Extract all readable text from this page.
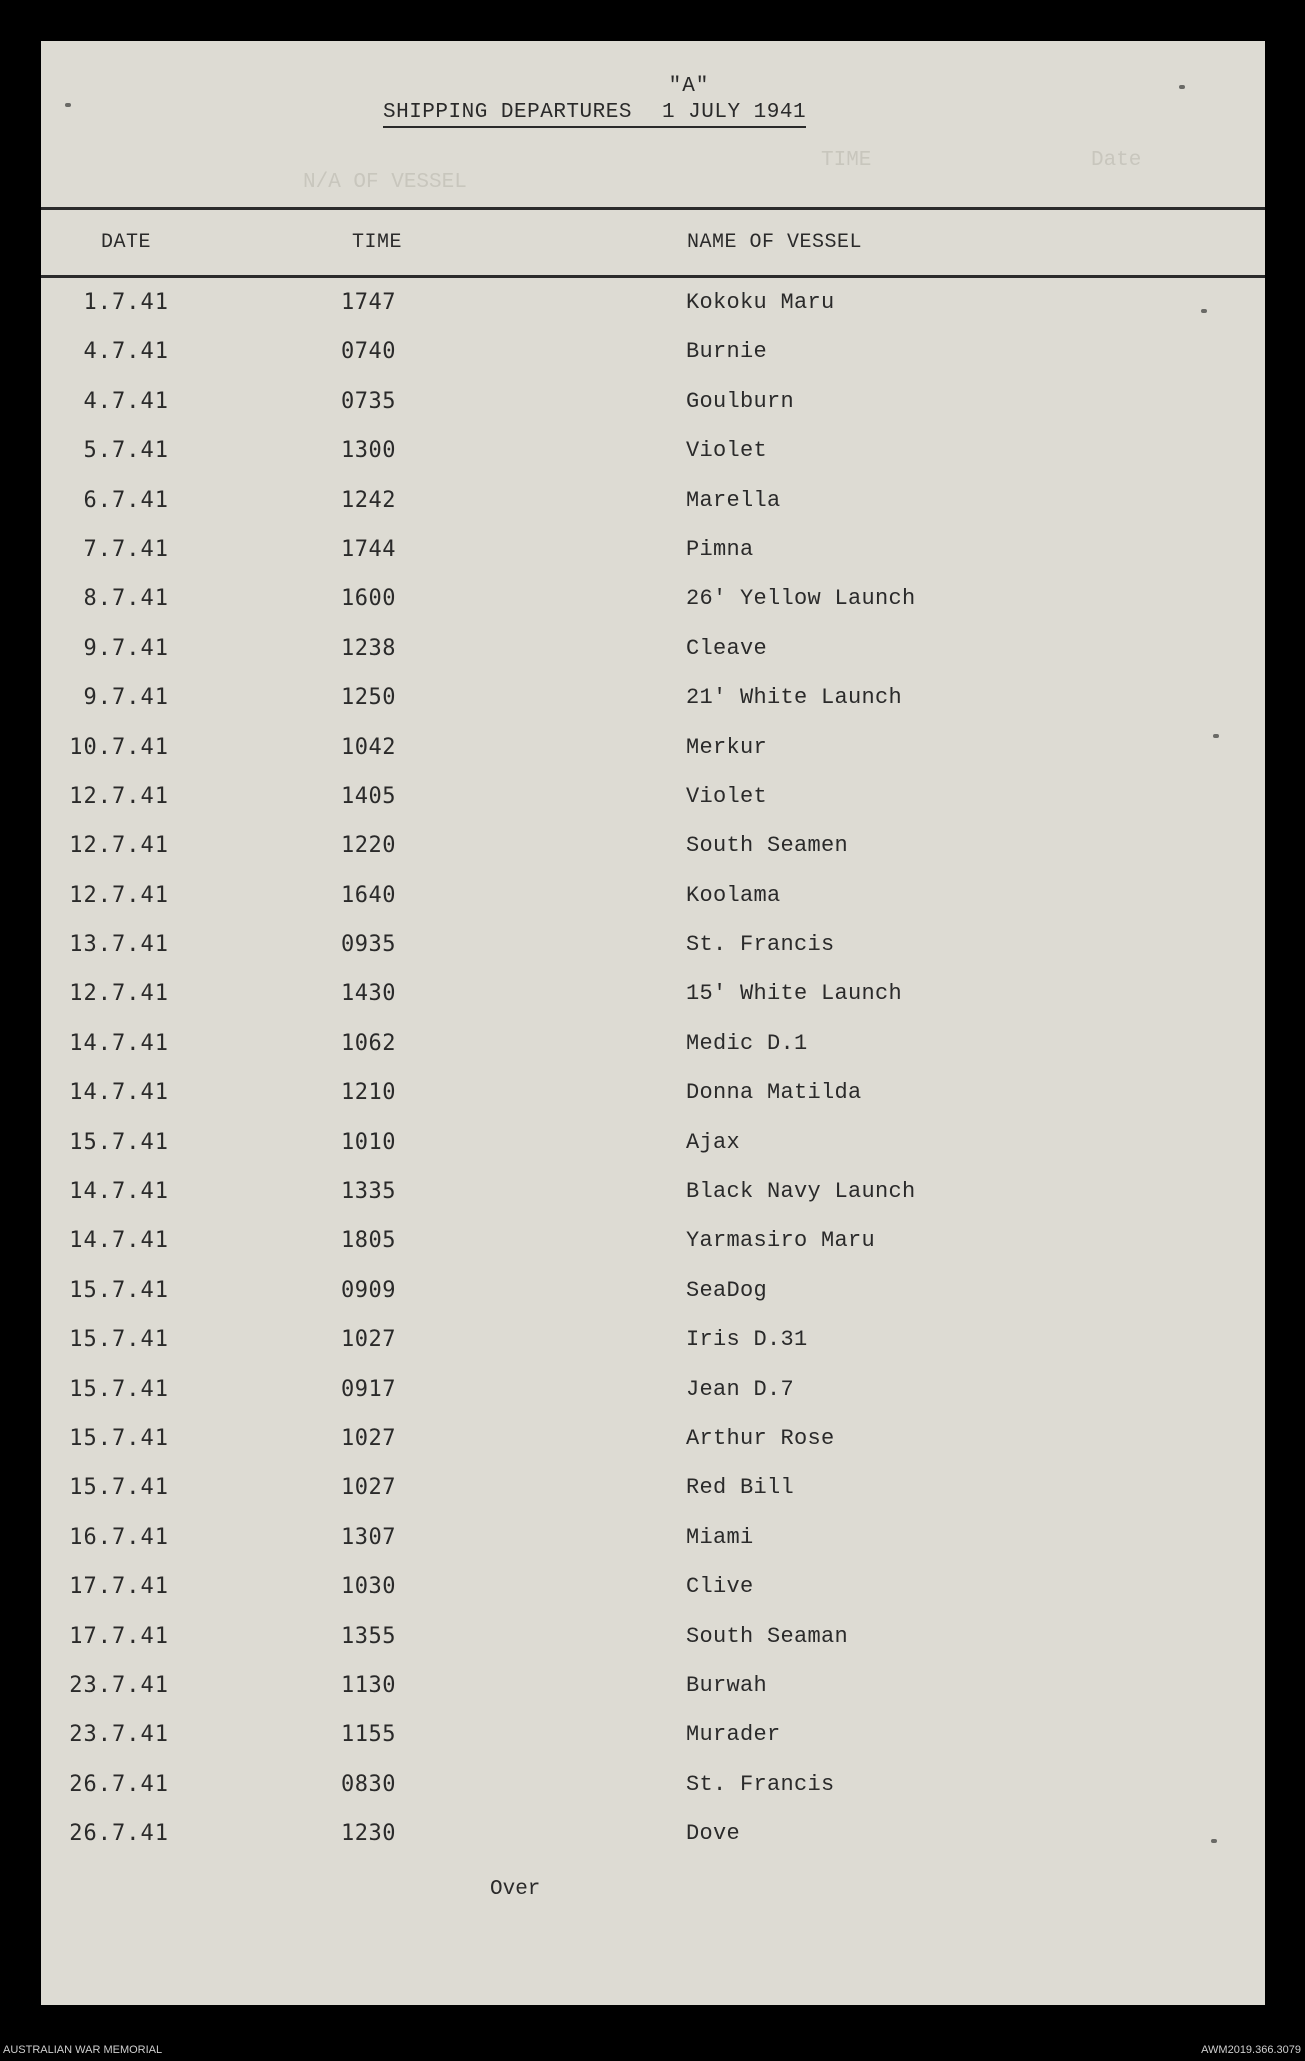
N/A OF VESSEL
TIME	Date
"A"
SHIPPING DEPARTURES 1 JULY 1941
DATE	TIME	NAME OF VESSEL
1.7.41	1747	Kokoku Maru
4.7.41	0740	Burnie
4.7.41	0735	Goulburn
5.7.41	1300	Violet
6.7.41	1242	Marella
7.7.41	1744	Pimna
8.7.41	1600	26' Yellow Launch
9.7.41	1238	Cleave
9.7.41	1250	21' White Launch
10.7.41	1042	Merkur
12.7.41	1405	Violet
12.7.41	1220	South Seamen
12.7.41	1640	Koolama
13.7.41	0935	St. Francis
12.7.41	1430	15' White Launch
14.7.41	1062	Medic D.1
14.7.41	1210	Donna Matilda
15.7.41	1010	Ajax
14.7.41	1335	Black Navy Launch
14.7.41	1805	Yarmasiro Maru
15.7.41	0909	SeaDog
15.7.41	1027	Iris D.31
15.7.41	0917	Jean D.7
15.7.41	1027	Arthur Rose
15.7.41	1027	Red Bill
16.7.41	1307	Miami
17.7.41	1030	Clive
17.7.41	1355	South Seaman
23.7.41	1130	Burwah
23.7.41	1155	Murader
26.7.41	0830	St. Francis
26.7.41	1230	Dove
Over
AUSTRALIAN WAR MEMORIAL	AWM2019.366.3079
